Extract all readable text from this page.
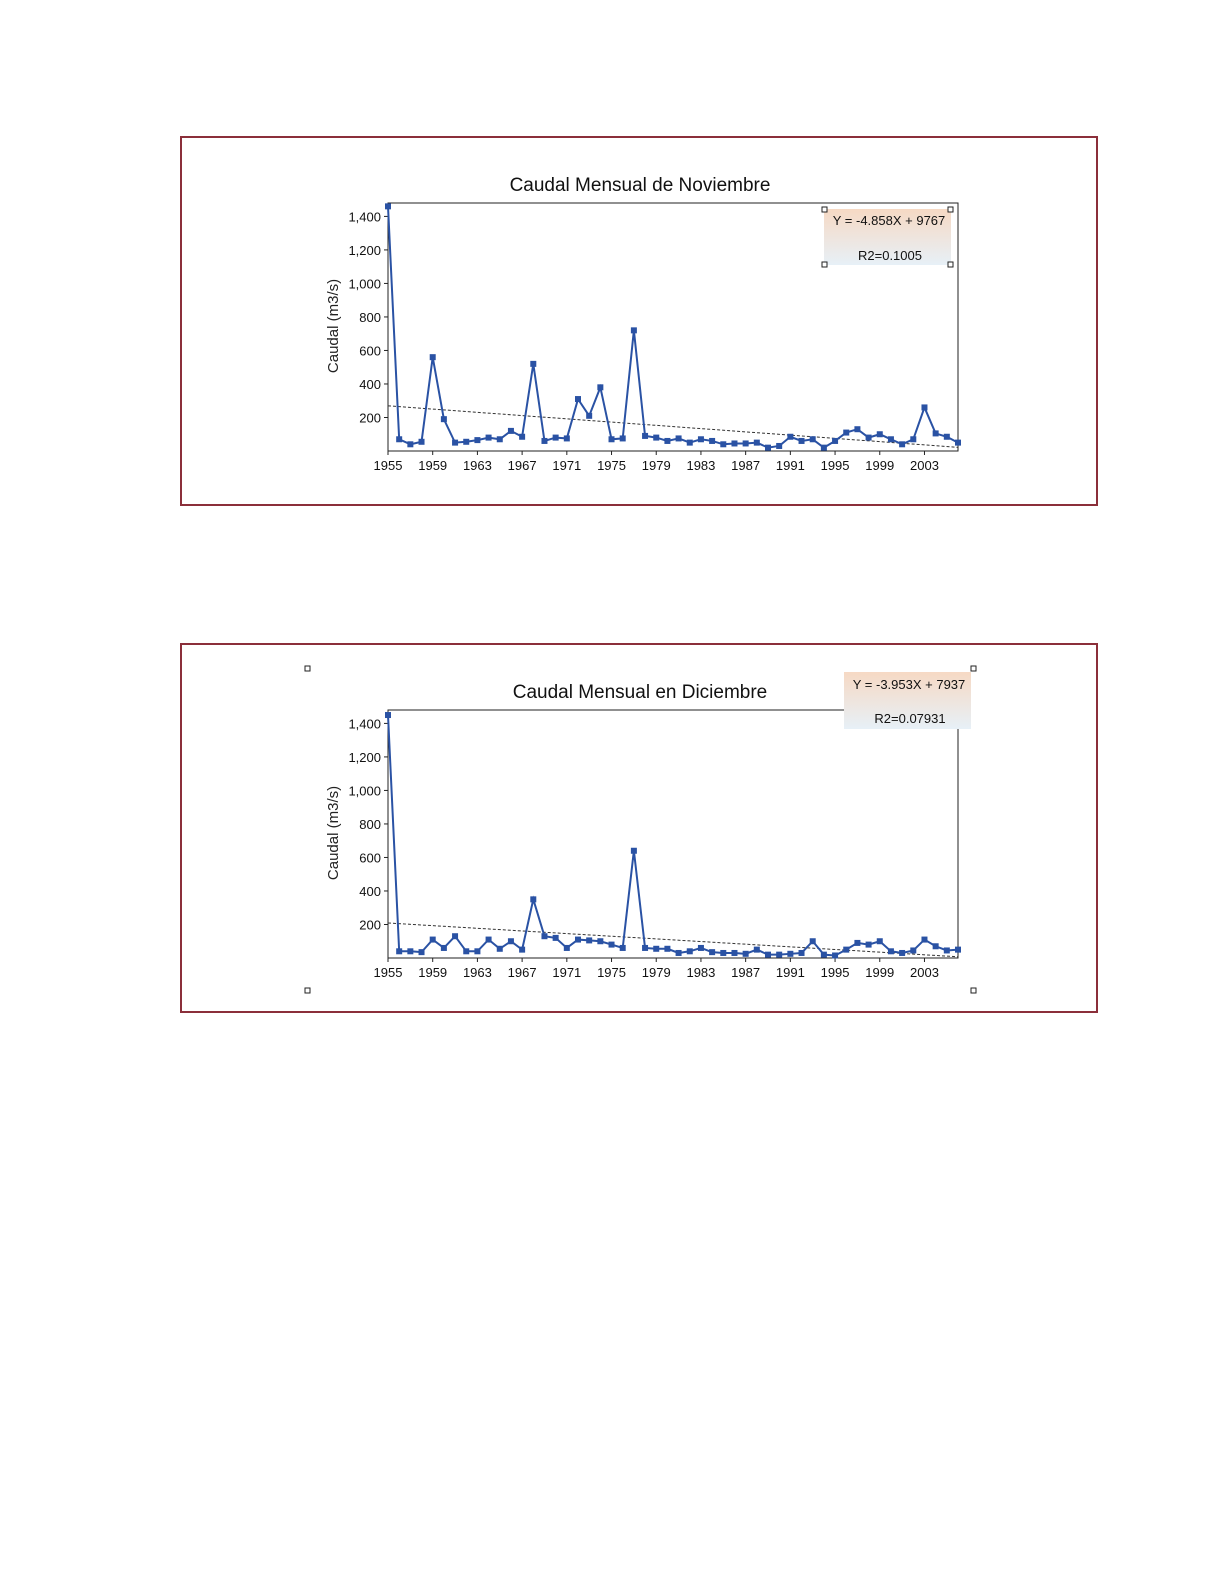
Caudal Mensual de Noviembre
Caudal (m3/s)
200
400
600
800
1,000
1,200
1,400
1955 1959 1963 1967 1971 1975 1979 1983 1987 1991 1995 1999 2003
Y = -4.858X + 9767
R2=0.1005
Caudal Mensual en Diciembre
Caudal (m3/s)
200
400
600
800
1,000
1,200
1,400
1955 1959 1963 1967 1971 1975 1979 1983 1987 1991 1995 1999 2003
Y = -3.953X + 7937
R2=0.07931
